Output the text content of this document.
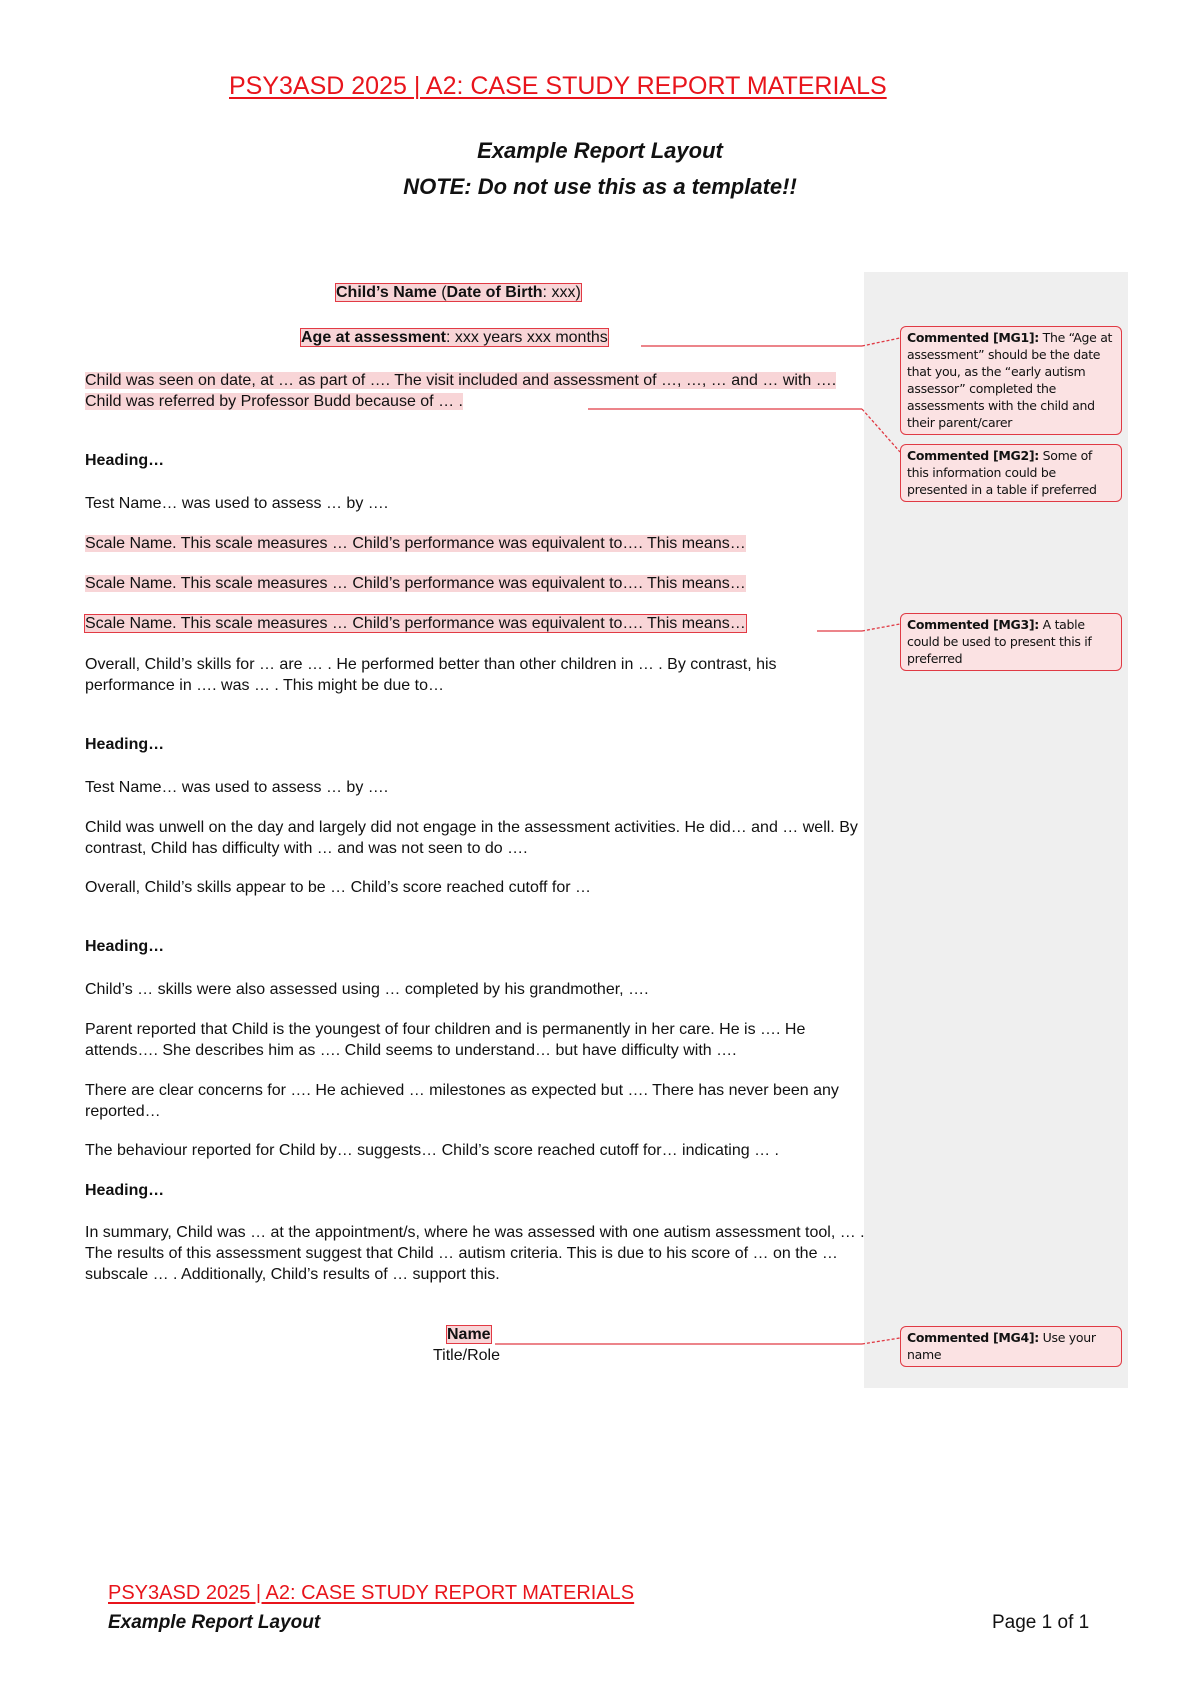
PSY3ASD 2025 | A2: CASE STUDY REPORT MATERIALS
Example Report Layout
NOTE: Do not use this as a template!!
Child’s Name (Date of Birth: xxx)
Age at assessment: xxx years xxx months
Child was seen on date, at … as part of …. The visit included and assessment of …, …, … and … with …. Child was referred by Professor Budd because of … .
Heading…
Test Name… was used to assess … by ….
Scale Name. This scale measures … Child’s performance was equivalent to…. This means…
Scale Name. This scale measures … Child’s performance was equivalent to…. This means…
Scale Name. This scale measures … Child’s performance was equivalent to…. This means…
Overall, Child’s skills for … are … . He performed better than other children in … . By contrast, his performance in …. was … . This might be due to…
Heading…
Test Name… was used to assess … by ….
Child was unwell on the day and largely did not engage in the assessment activities. He did… and … well. By contrast, Child has difficulty with … and was not seen to do ….
Overall, Child’s skills appear to be … Child’s score reached cutoff for …
Heading…
Child’s … skills were also assessed using … completed by his grandmother, ….
Parent reported that Child is the youngest of four children and is permanently in her care. He is …. He attends…. She describes him as …. Child seems to understand… but have difficulty with ….
There are clear concerns for …. He achieved … milestones as expected but …. There has never been any reported…
The behaviour reported for Child by… suggests… Child’s score reached cutoff for… indicating … .
Heading…
In summary, Child was … at the appointment/s, where he was assessed with one autism assessment tool, … . The results of this assessment suggest that Child … autism criteria. This is due to his score of … on the … subscale … . Additionally, Child’s results of … support this.
Name
Title/Role
Commented [MG1]: The “Age at assessment” should be the date that you, as the “early autism assessor” completed the assessments with the child and their parent/carer
Commented [MG2]: Some of this information could be presented in a table if preferred
Commented [MG3]: A table could be used to present this if preferred
Commented [MG4]: Use your name
PSY3ASD 2025 | A2: CASE STUDY REPORT MATERIALS
Example Report Layout	Page 1 of 1
